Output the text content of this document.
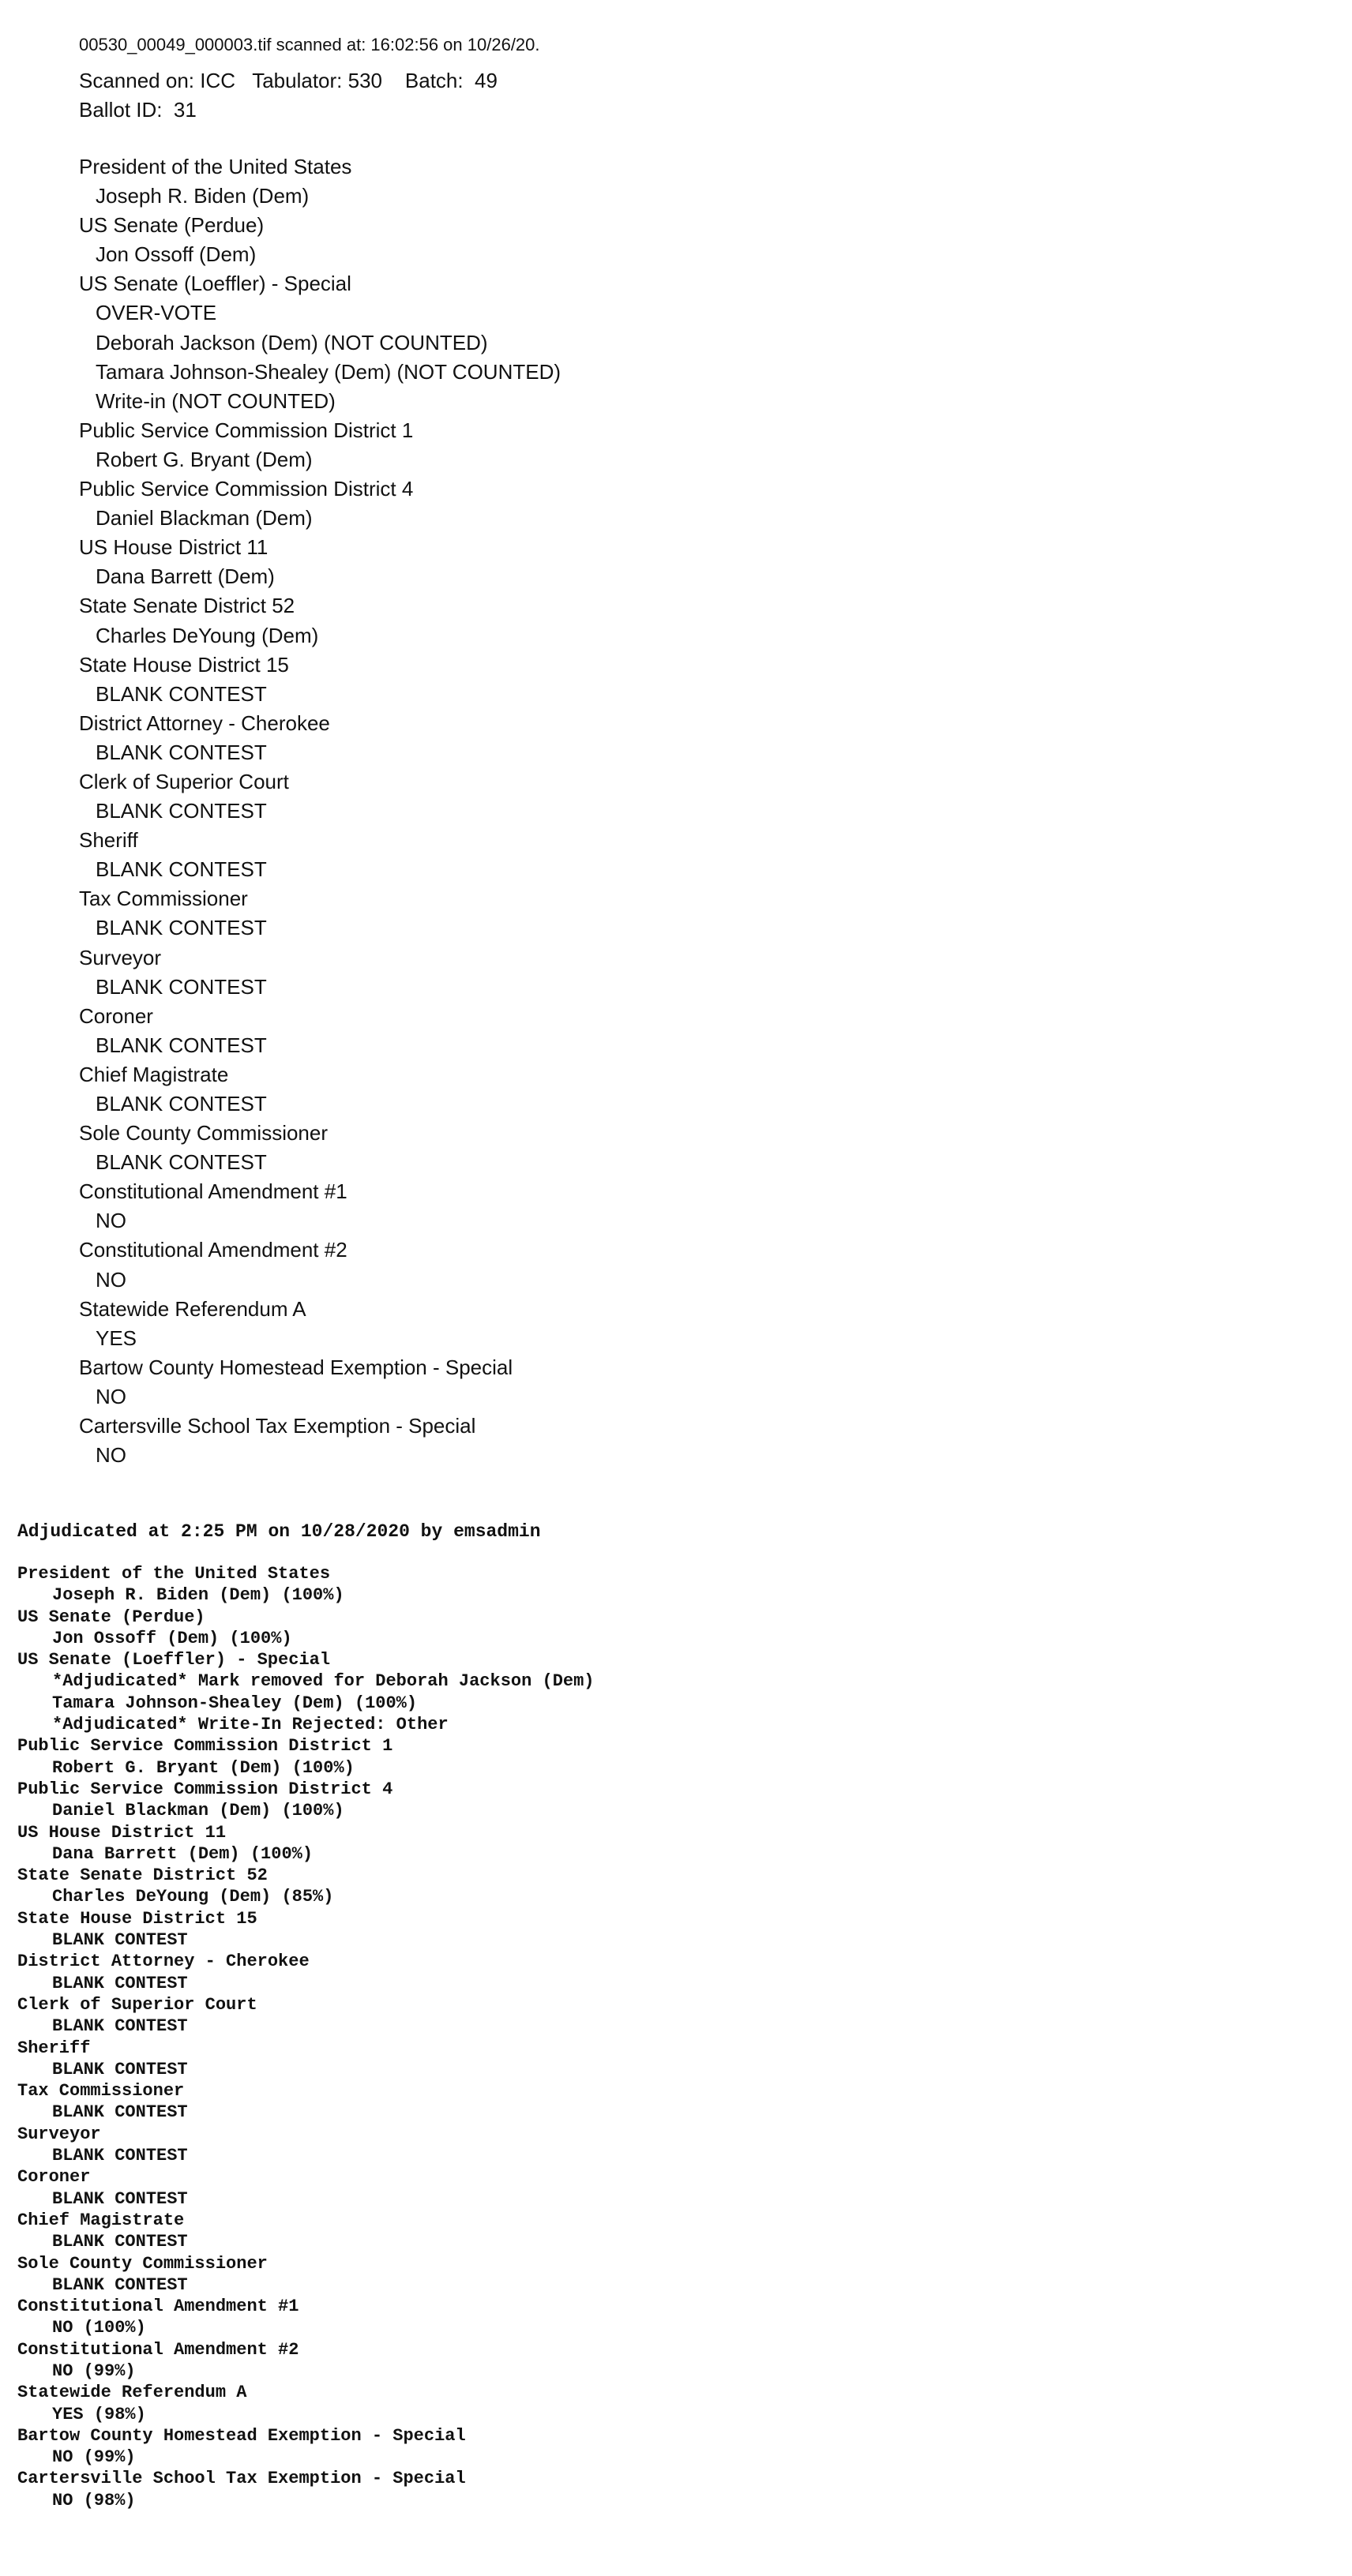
00530_00049_000003.tif scanned at: 16:02:56 on 10/26/20.
Scanned on: ICC   Tabulator: 530    Batch:  49
Ballot ID:  31
President of the United States
Joseph R. Biden (Dem)
US Senate (Perdue)
Jon Ossoff (Dem)
US Senate (Loeffler) - Special
OVER-VOTE
Deborah Jackson (Dem) (NOT COUNTED)
Tamara Johnson-Shealey (Dem) (NOT COUNTED)
Write-in (NOT COUNTED)
Public Service Commission District 1
Robert G. Bryant (Dem)
Public Service Commission District 4
Daniel Blackman (Dem)
US House District 11
Dana Barrett (Dem)
State Senate District 52
Charles DeYoung (Dem)
State House District 15
BLANK CONTEST
District Attorney - Cherokee
BLANK CONTEST
Clerk of Superior Court
BLANK CONTEST
Sheriff
BLANK CONTEST
Tax Commissioner
BLANK CONTEST
Surveyor
BLANK CONTEST
Coroner
BLANK CONTEST
Chief Magistrate
BLANK CONTEST
Sole County Commissioner
BLANK CONTEST
Constitutional Amendment #1
NO
Constitutional Amendment #2
NO
Statewide Referendum A
YES
Bartow County Homestead Exemption - Special
NO
Cartersville School Tax Exemption - Special
NO
Adjudicated at 2:25 PM on 10/28/2020 by emsadmin
President of the United States
Joseph R. Biden (Dem) (100%)
US Senate (Perdue)
Jon Ossoff (Dem) (100%)
US Senate (Loeffler) - Special
*Adjudicated* Mark removed for Deborah Jackson (Dem)
Tamara Johnson-Shealey (Dem) (100%)
*Adjudicated* Write-In Rejected: Other
Public Service Commission District 1
Robert G. Bryant (Dem) (100%)
Public Service Commission District 4
Daniel Blackman (Dem) (100%)
US House District 11
Dana Barrett (Dem) (100%)
State Senate District 52
Charles DeYoung (Dem) (85%)
State House District 15
BLANK CONTEST
District Attorney - Cherokee
BLANK CONTEST
Clerk of Superior Court
BLANK CONTEST
Sheriff
BLANK CONTEST
Tax Commissioner
BLANK CONTEST
Surveyor
BLANK CONTEST
Coroner
BLANK CONTEST
Chief Magistrate
BLANK CONTEST
Sole County Commissioner
BLANK CONTEST
Constitutional Amendment #1
NO (100%)
Constitutional Amendment #2
NO (99%)
Statewide Referendum A
YES (98%)
Bartow County Homestead Exemption - Special
NO (99%)
Cartersville School Tax Exemption - Special
NO (98%)
